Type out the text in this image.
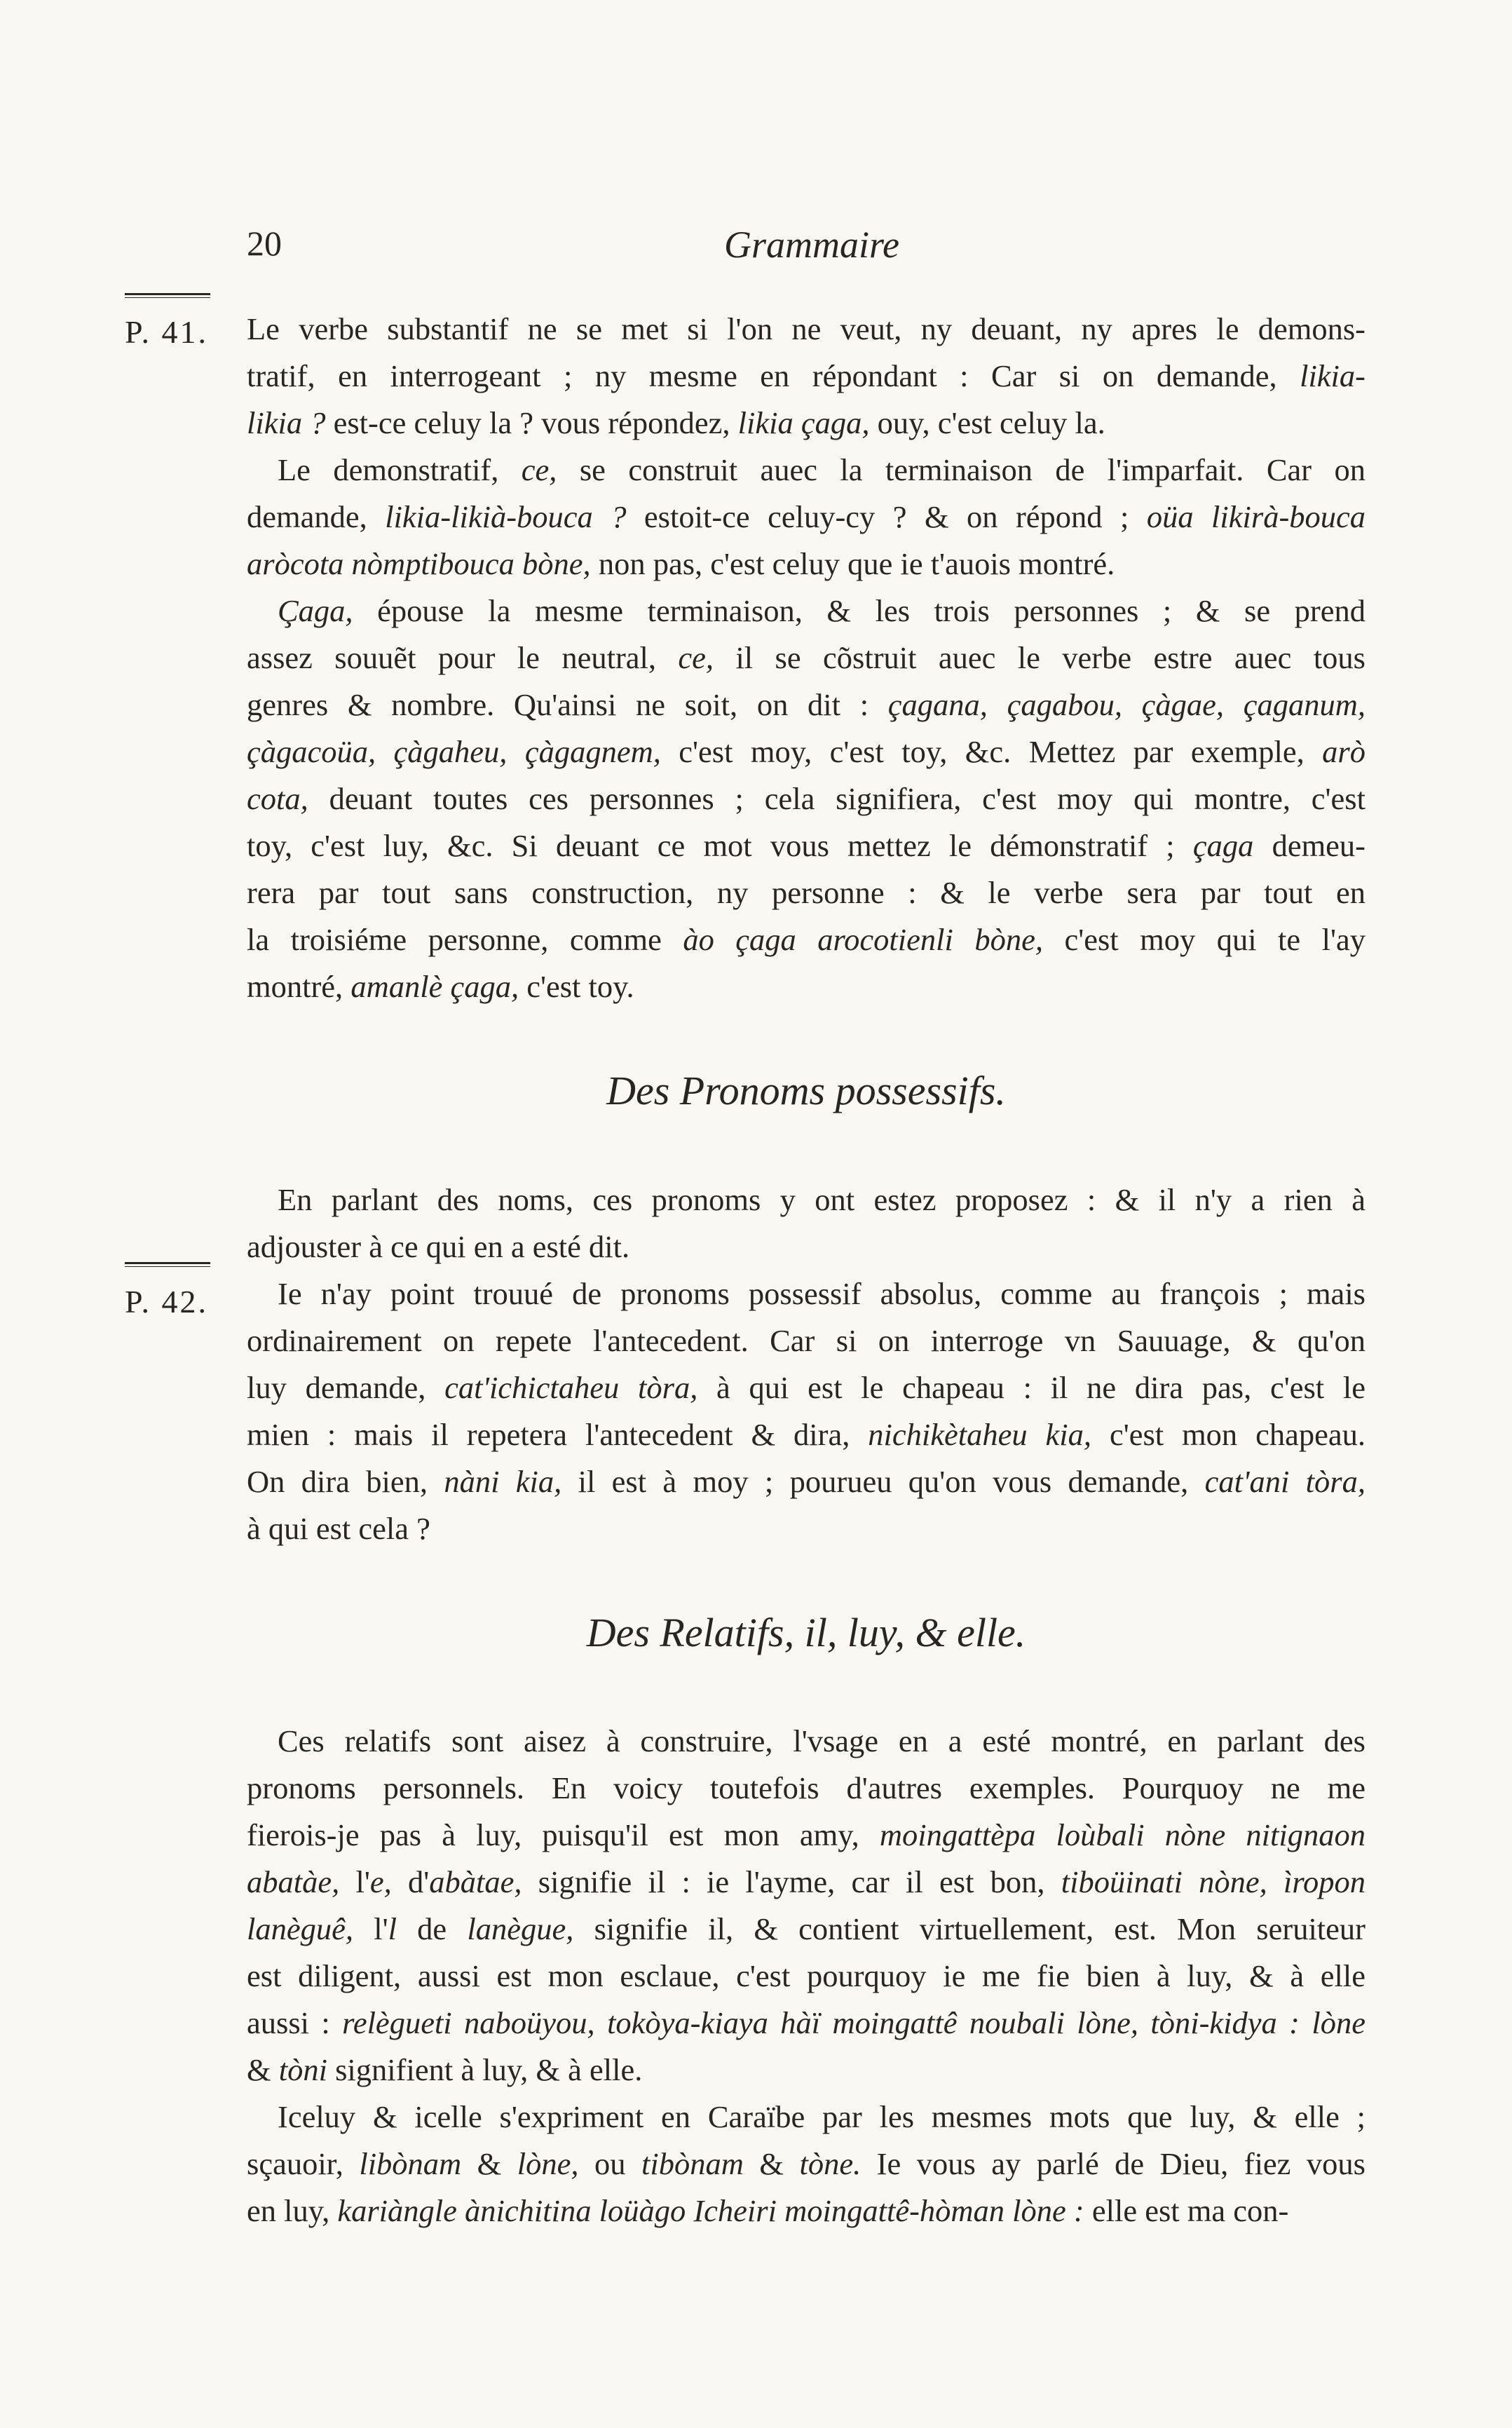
20	Grammaire
P. 41.
P. 42.
Le verbe substantif ne se met si l'on ne veut, ny deuant, ny apres le demons-
tratif, en interrogeant ; ny mesme en répondant : Car si on demande, likia-
likia ? est-ce celuy la ? vous répondez, likia çaga, ouy, c'est celuy la.
Le demonstratif, ce, se construit auec la terminaison de l'imparfait. Car on
demande, likia-likià-bouca ? estoit-ce celuy-cy ? & on répond ; oüa likirà-bouca
aròcota nòmptibouca bòne, non pas, c'est celuy que ie t'auois montré.
Çaga, épouse la mesme terminaison, & les trois personnes ; & se prend
assez souuẽt pour le neutral, ce, il se cõstruit auec le verbe estre auec tous
genres & nombre. Qu'ainsi ne soit, on dit : çagana, çagabou, çàgae, çaganum,
çàgacoüa, çàgaheu, çàgagnem, c'est moy, c'est toy, &c. Mettez par exemple, arò
cota, deuant toutes ces personnes ; cela signifiera, c'est moy qui montre, c'est
toy, c'est luy, &c. Si deuant ce mot vous mettez le démonstratif ; çaga demeu-
rera par tout sans construction, ny personne : & le verbe sera par tout en
la troisiéme personne, comme ào çaga arocotienli bòne, c'est moy qui te l'ay
montré, amanlè çaga, c'est toy.
Des Pronoms possessifs.
En parlant des noms, ces pronoms y ont estez proposez : & il n'y a rien à
adjouster à ce qui en a esté dit.
Ie n'ay point trouué de pronoms possessif absolus, comme au françois ; mais
ordinairement on repete l'antecedent. Car si on interroge vn Sauuage, & qu'on
luy demande, cat'ichictaheu tòra, à qui est le chapeau : il ne dira pas, c'est le
mien : mais il repetera l'antecedent & dira, nichikètaheu kia, c'est mon chapeau.
On dira bien, nàni kia, il est à moy ; pourueu qu'on vous demande, cat'ani tòra,
à qui est cela ?
Des Relatifs, il, luy, & elle.
Ces relatifs sont aisez à construire, l'vsage en a esté montré, en parlant des
pronoms personnels. En voicy toutefois d'autres exemples. Pourquoy ne me
fierois-je pas à luy, puisqu'il est mon amy, moingattèpa loùbali nòne nitignaon
abatàe, l'e, d'abàtae, signifie il : ie l'ayme, car il est bon, tiboüinati nòne, ìropon
lanèguê, l'l de lanègue, signifie il, & contient virtuellement, est. Mon seruiteur
est diligent, aussi est mon esclaue, c'est pourquoy ie me fie bien à luy, & à elle
aussi : relègueti naboüyou, tokòya-kiaya hàï moingattê noubali lòne, tòni-kidya : lòne
& tòni signifient à luy, & à elle.
Iceluy & icelle s'expriment en Caraïbe par les mesmes mots que luy, & elle ;
sçauoir, libònam & lòne, ou tibònam & tòne. Ie vous ay parlé de Dieu, fiez vous
en luy, kariàngle ànichitina loüàgo Icheiri moingattê-hòman lòne : elle est ma con-
